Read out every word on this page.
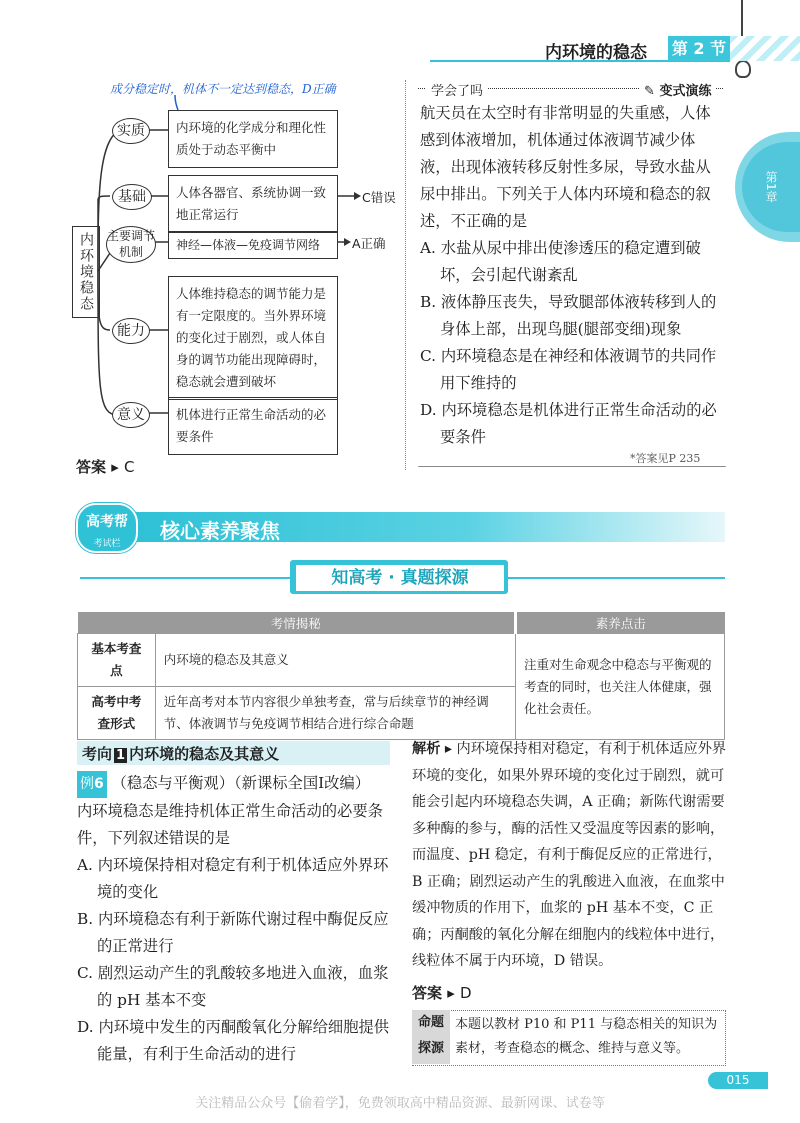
内环境的稳态 第 2 节
第1章
成分稳定时，机体不一定达到稳态，D正确
内环境稳态
实质
基础
主要调节机制
能力
意义
内环境的化学成分和理化性质处于动态平衡中
人体各器官、系统协调一致地正常运行
神经—体液—免疫调节网络
人体维持稳态的调节能力是有一定限度的。当外界环境的变化过于剧烈，或人体自身的调节功能出现障碍时，稳态就会遭到破坏
机体进行正常生命活动的必要条件
C错误
A正确
答案 ▸ C
学会了吗	✎ 变式演练

航天员在太空时有非常明显的失重感，人体感到体液增加，机体通过体液调节减少体液，出现体液转移反射性多尿，导致水盐从尿中排出。下列关于人体内环境和稳态的叙述，不正确的是

A. 水盐从尿中排出使渗透压的稳定遭到破坏，会引起代谢紊乱

B. 液体静压丧失，导致腿部体液转移到人的身体上部，出现鸟腿(腿部变细)现象

C. 内环境稳态是在神经和体液调节的共同作用下维持的

D. 内环境稳态是机体进行正常生命活动的必要条件

*答案见P 235
高考帮
考试栏
核心素养聚焦
知高考 · 真题探源
考情揭秘		素养点击
基本考查点	内环境的稳态及其意义	注重对生命观念中稳态与平衡观的考查的同时，也关注人体健康，强化社会责任。
高考中考查形式	近年高考对本节内容很少单独考查，常与后续章节的神经调节、体液调节与免疫调节相结合进行综合命题	
考向 1 内环境的稳态及其意义

例6 （稳态与平衡观）（新课标全国Ⅰ改编）

内环境稳态是维持机体正常生命活动的必要条件，下列叙述错误的是

A. 内环境保持相对稳定有利于机体适应外界环境的变化

B. 内环境稳态有利于新陈代谢过程中酶促反应的正常进行

C. 剧烈运动产生的乳酸较多地进入血液，血浆的 pH 基本不变

D. 内环境中发生的丙酮酸氧化分解给细胞提供能量，有利于生命活动的进行

解析 ▸ 内环境保持相对稳定，有利于机体适应外界环境的变化，如果外界环境的变化过于剧烈，就可能会引起内环境稳态失调，A 正确；新陈代谢需要多种酶的参与，酶的活性又受温度等因素的影响，而温度、pH 稳定，有利于酶促反应的正常进行，B 正确；剧烈运动产生的乳酸进入血液，在血浆中缓冲物质的作用下，血浆的 pH 基本不变，C 正确；丙酮酸的氧化分解在细胞内的线粒体中进行，线粒体不属于内环境，D 错误。

答案 ▸ D
命题探源
本题以教材 P10 和 P11 与稳态相关的知识为素材，考查稳态的概念、维持与意义等。
015
关注精品公众号【偷着学】，免费领取高中精品资源、最新网课、试卷等
